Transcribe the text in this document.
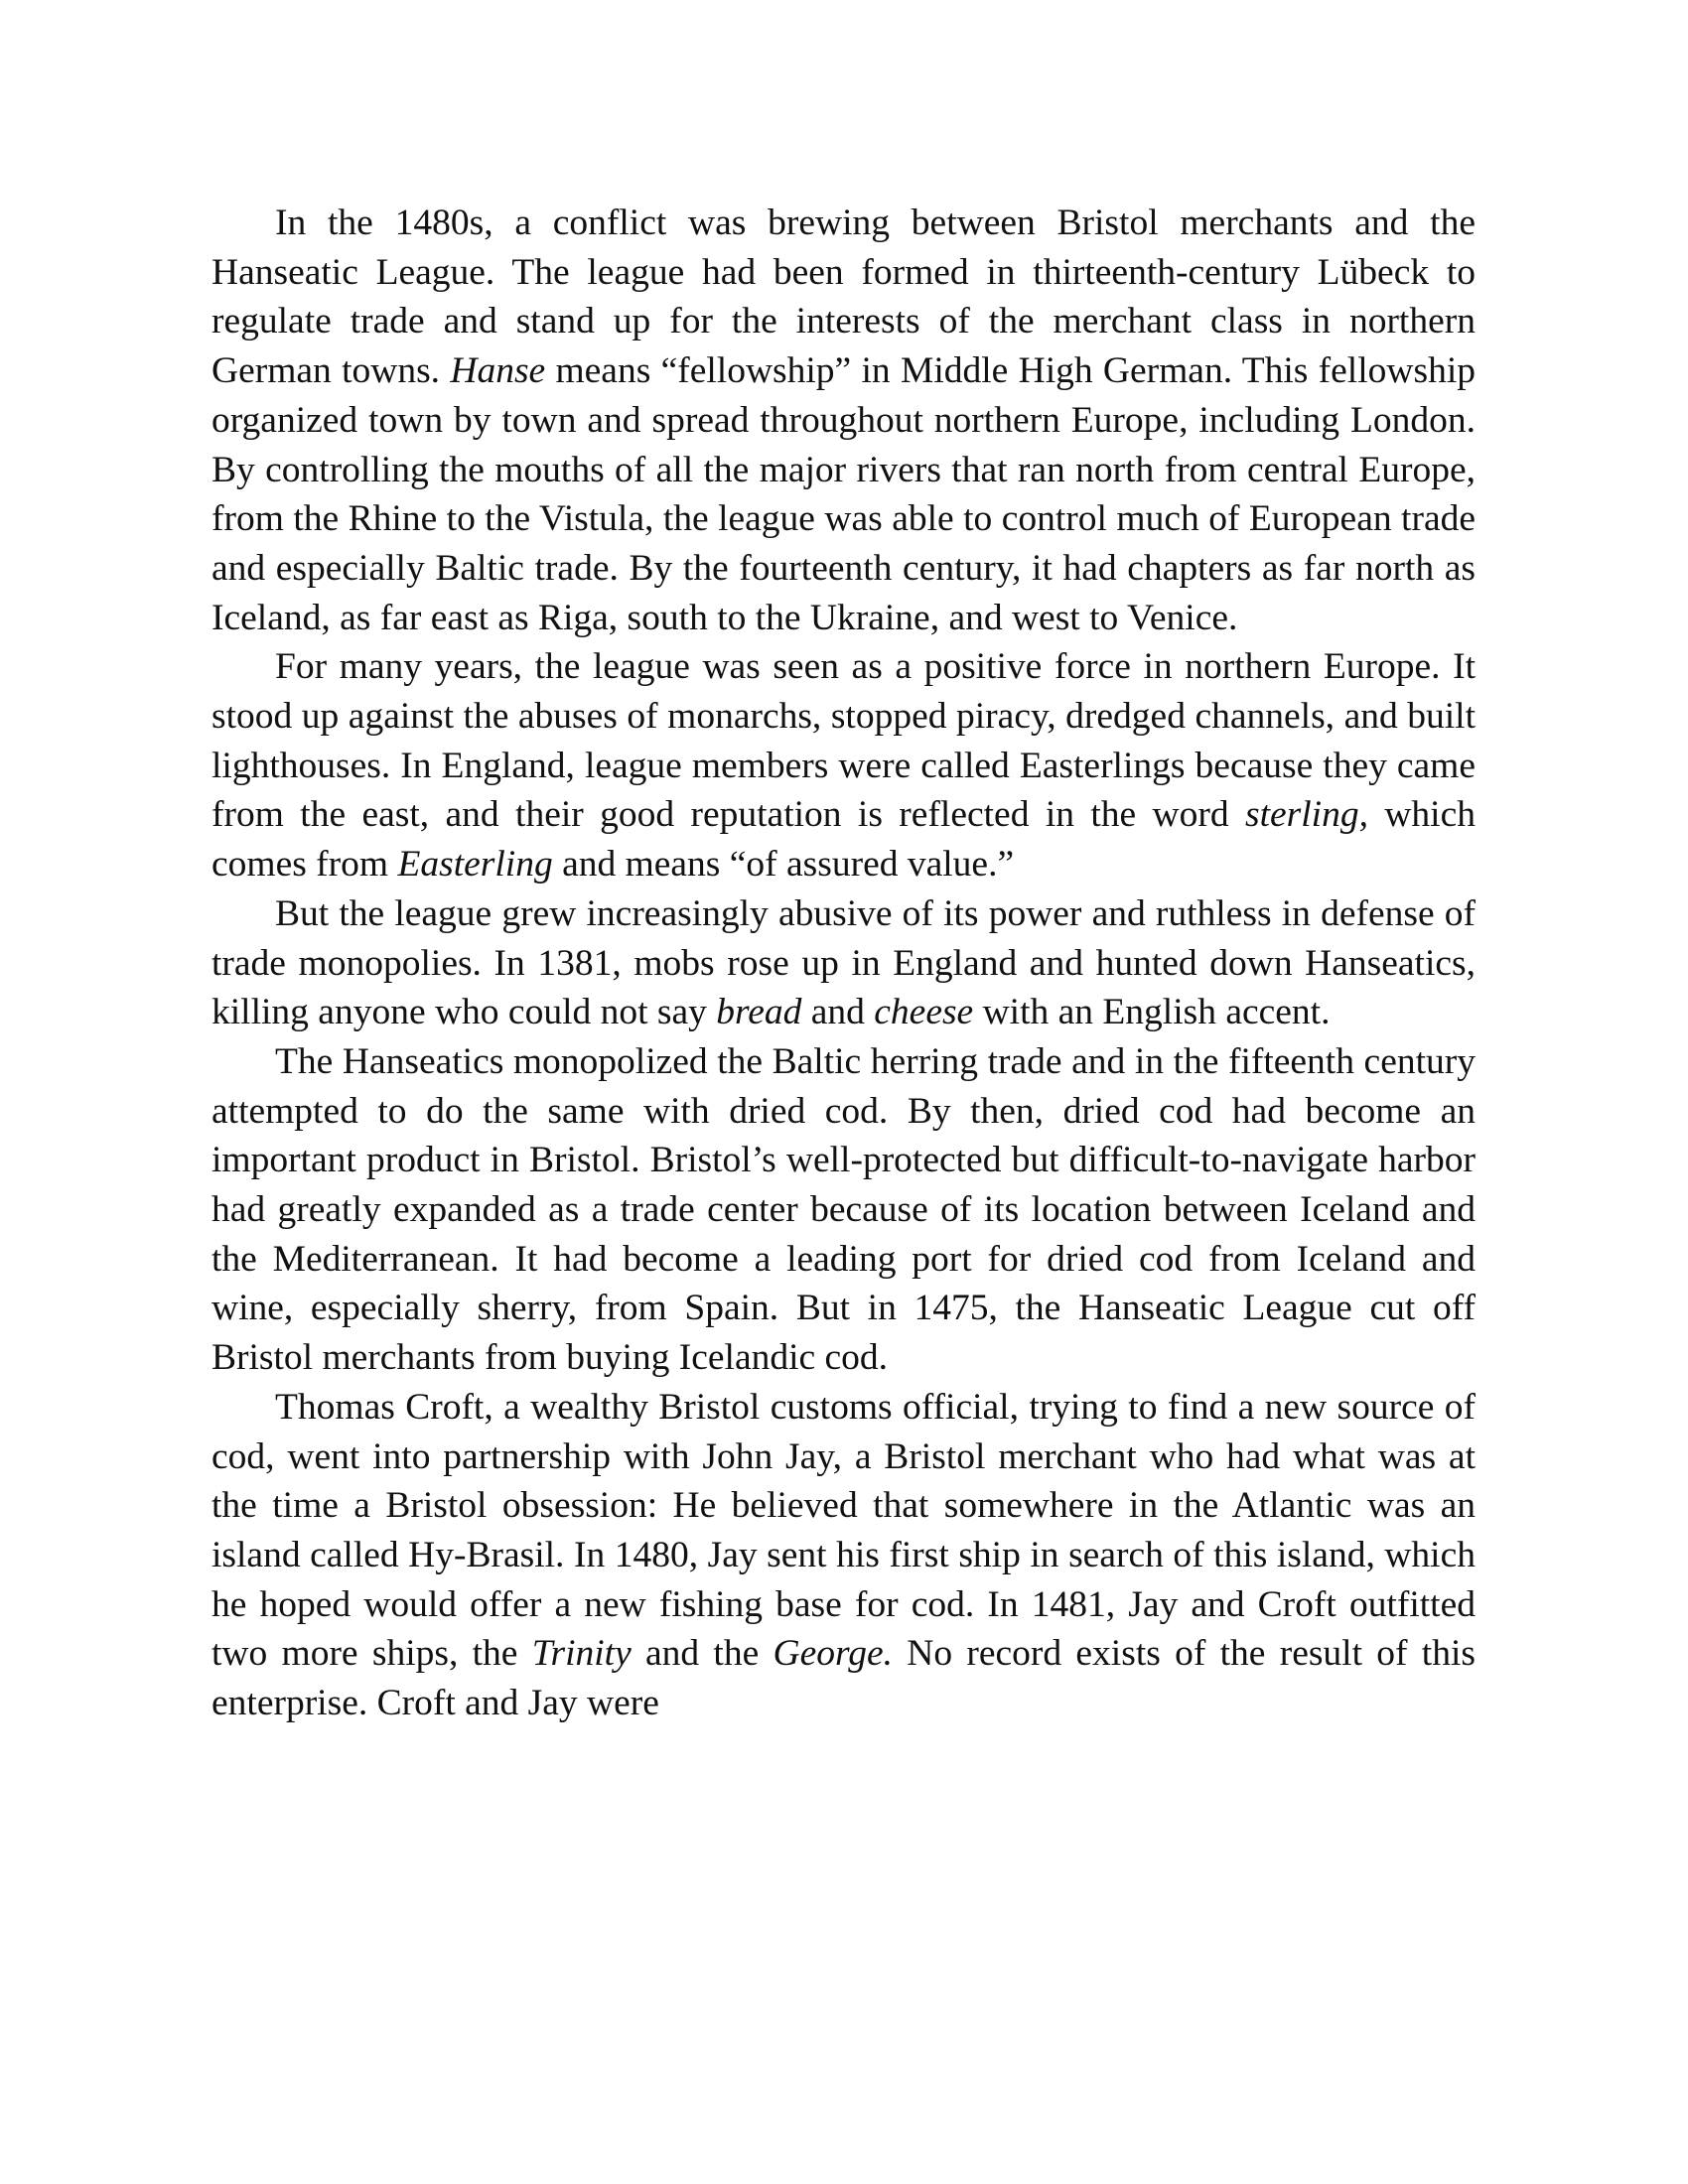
In the 1480s, a conflict was brewing between Bristol merchants and the Hanseatic League. The league had been formed in thirteenth-century Lübeck to regulate trade and stand up for the interests of the merchant class in northern German towns. Hanse means “fellowship” in Middle High German. This fellowship organized town by town and spread throughout northern Europe, including London. By controlling the mouths of all the major rivers that ran north from central Europe, from the Rhine to the Vistula, the league was able to control much of European trade and especially Baltic trade. By the fourteenth century, it had chapters as far north as Iceland, as far east as Riga, south to the Ukraine, and west to Venice.

For many years, the league was seen as a positive force in northern Europe. It stood up against the abuses of monarchs, stopped piracy, dredged channels, and built lighthouses. In England, league members were called Easterlings because they came from the east, and their good reputation is reflected in the word sterling, which comes from Easterling and means “of assured value.”

But the league grew increasingly abusive of its power and ruthless in defense of trade monopolies. In 1381, mobs rose up in England and hunted down Hanseatics, killing anyone who could not say bread and cheese with an English accent.

The Hanseatics monopolized the Baltic herring trade and in the fifteenth century attempted to do the same with dried cod. By then, dried cod had become an important product in Bristol. Bristol’s well-protected but difficult-to-navigate harbor had greatly expanded as a trade center because of its location between Iceland and the Mediterranean. It had become a leading port for dried cod from Iceland and wine, especially sherry, from Spain. But in 1475, the Hanseatic League cut off Bristol merchants from buying Icelandic cod.

Thomas Croft, a wealthy Bristol customs official, trying to find a new source of cod, went into partnership with John Jay, a Bristol merchant who had what was at the time a Bristol obsession: He believed that somewhere in the Atlantic was an island called Hy-Brasil. In 1480, Jay sent his first ship in search of this island, which he hoped would offer a new fishing base for cod. In 1481, Jay and Croft outfitted two more ships, the Trinity and the George. No record exists of the result of this enterprise. Croft and Jay were
